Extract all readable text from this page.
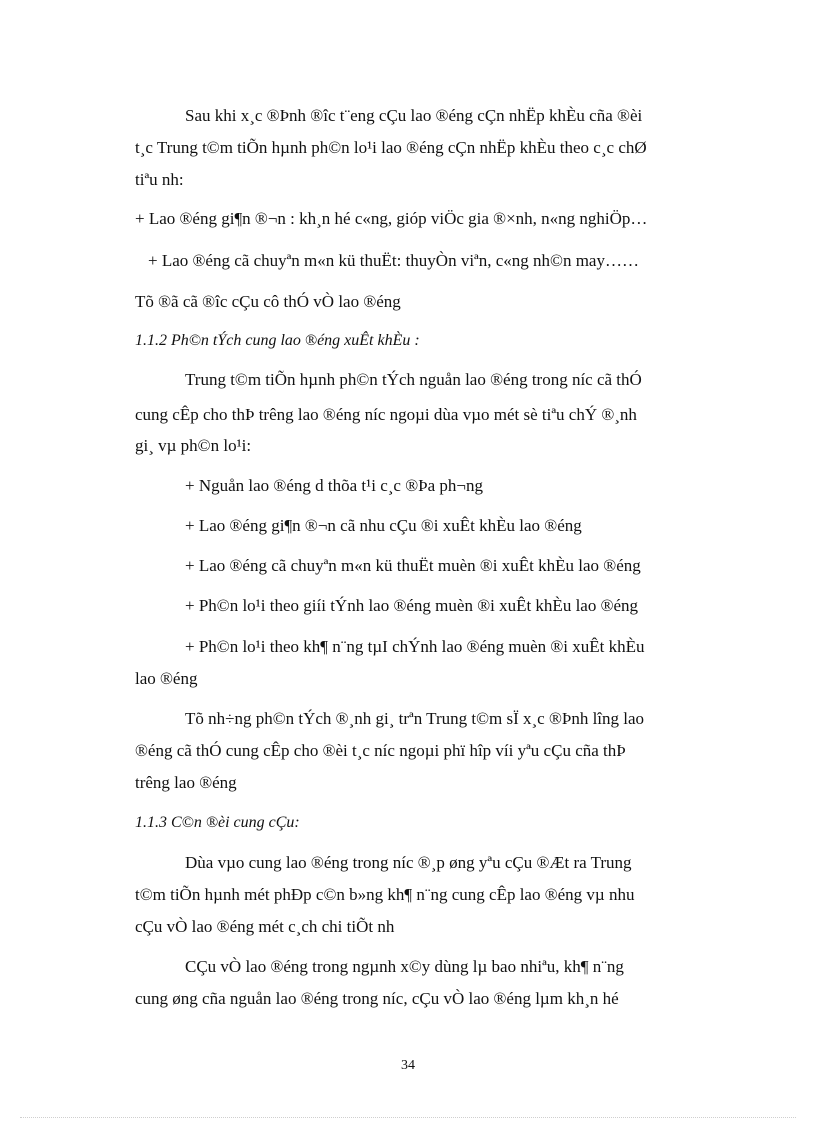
Sau khi x¸c ®Þnh ®îc t¨eng cÇu lao ®éng cÇn nhËp khÈu cña ®èi
t¸c Trung t©m tiÕn hµnh ph©n lo¹i lao ®éng cÇn nhËp khÈu theo c¸c chØ
tiªu nh:
+ Lao ®éng gi¶n ®¬n : kh¸n hé c«ng, gióp viÖc gia ®×nh, n«ng nghiÖp…
+ Lao ®éng cã chuyªn m«n kü thuËt: thuyÒn viªn, c«ng nh©n may……
Tõ ®ã cã ®îc cÇu cô thÓ vÒ lao ®éng
1.1.2 Ph©n tÝch cung lao ®éng xuÊt khÈu :
Trung t©m tiÕn hµnh ph©n tÝch nguån lao ®éng trong níc cã thÓ
cung cÊp cho thÞ trêng lao ®éng níc ngoµi dùa vµo mét sè tiªu chÝ ®¸nh
gi¸ vµ ph©n lo¹i:
+ Nguån lao ®éng d thõa t¹i c¸c ®Þa ph¬ng
+ Lao ®éng gi¶n ®¬n cã nhu cÇu ®i xuÊt khÈu lao ®éng
+ Lao ®éng cã chuyªn m«n kü thuËt muèn ®i xuÊt khÈu lao ®éng
+ Ph©n lo¹i theo giíi tÝnh lao ®éng muèn ®i xuÊt khÈu lao ®éng
+ Ph©n lo¹i theo kh¶ n¨ng tµI chÝnh lao ®éng muèn ®i xuÊt khÈu
lao ®éng
Tõ nh÷ng ph©n tÝch ®¸nh gi¸ trªn Trung t©m sÏ x¸c ®Þnh lîng lao
®éng cã thÓ cung cÊp cho ®èi t¸c níc ngoµi phï hîp víi yªu cÇu cña thÞ
trêng lao ®éng
1.1.3 C©n ®èi cung cÇu:
Dùa vµo cung lao ®éng trong níc ®¸p øng yªu cÇu ®Æt ra Trung
t©m tiÕn hµnh mét phÐp c©n b»ng kh¶ n¨ng cung cÊp lao ®éng vµ nhu
cÇu vÒ lao ®éng mét c¸ch chi tiÕt nh
CÇu vÒ lao ®éng trong ngµnh x©y dùng lµ bao nhiªu, kh¶ n¨ng
cung øng cña nguån lao ®éng trong níc, cÇu vÒ lao ®éng lµm kh¸n hé
34
